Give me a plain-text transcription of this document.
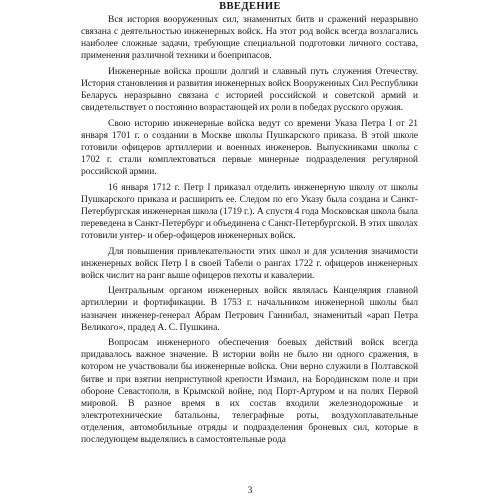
ВВЕДЕНИЕ

Вся история вооруженных сил, знаменитых битв и сражений неразрывно связана с деятельностью инженерных войск. На этот род войск всегда возлагались наиболее сложные задачи, требующие специальной подготовки личного состава, применения различной техники и боеприпасов.

Инженерные войска прошли долгий и славный путь служения Отечеству. История становления и развития инженерных войск Вооруженных Сил Республики Беларусь неразрывно связана с историей российской и советской армий и свидетельствует о постоянно возрастающей их роли в победах русского оружия.

Свою историю инженерные войска ведут со времени Указа Петра I от 21 января 1701 г. о создании в Москве школы Пушкарского приказа. В этой школе готовили офицеров артиллерии и военных инженеров. Выпускниками школы с 1702 г. стали комплектоваться первые минерные подразделения регулярной российской армии.

16 января 1712 г. Петр I приказал отделить инженерную школу от школы Пушкарского приказа и расширить ее. Следом по его Указу была создана и Санкт-Петербургская инженерная школа (1719 г.). А спустя 4 года Московская школа была переведена в Санкт-Петербург и объединена с Санкт-Петербургской. В этих школах готовили унтер- и обер-офицеров инженерных войск.

Для повышения привлекательности этих школ и для усиления значимости инженерных войск Петр I в своей Табели о рангах 1722 г. офицеров инженерных войск числит на ранг выше офицеров пехоты и кавалерии.

Центральным органом инженерных войск являлась Канцелярия главной артиллерии и фортификации. В 1753 г. начальником инженерной школы был назначен инженер-генерал Абрам Петрович Ганнибал, знаменитый «арап Петра Великого», прадед А. С. Пушкина.

Вопросам инженерного обеспечения боевых действий войск всегда придавалось важное значение. В истории войн не было ни одного сражения, в котором не участвовали бы инженерные войска. Они верно служили в Полтавской битве и при взятии неприступной крепости Измаил, на Бородинском поле и при обороне Севастополя, в Крымской войне, под Порт-Артуром и на полях Первой мировой. В разное время в их состав входили железнодорожные и электротехнические батальоны, телеграфные роты, воздухоплавательные отделения, автомобильные отряды и подразделения броневых сил, которые в последующем выделялись в самостоятельные рода

3
